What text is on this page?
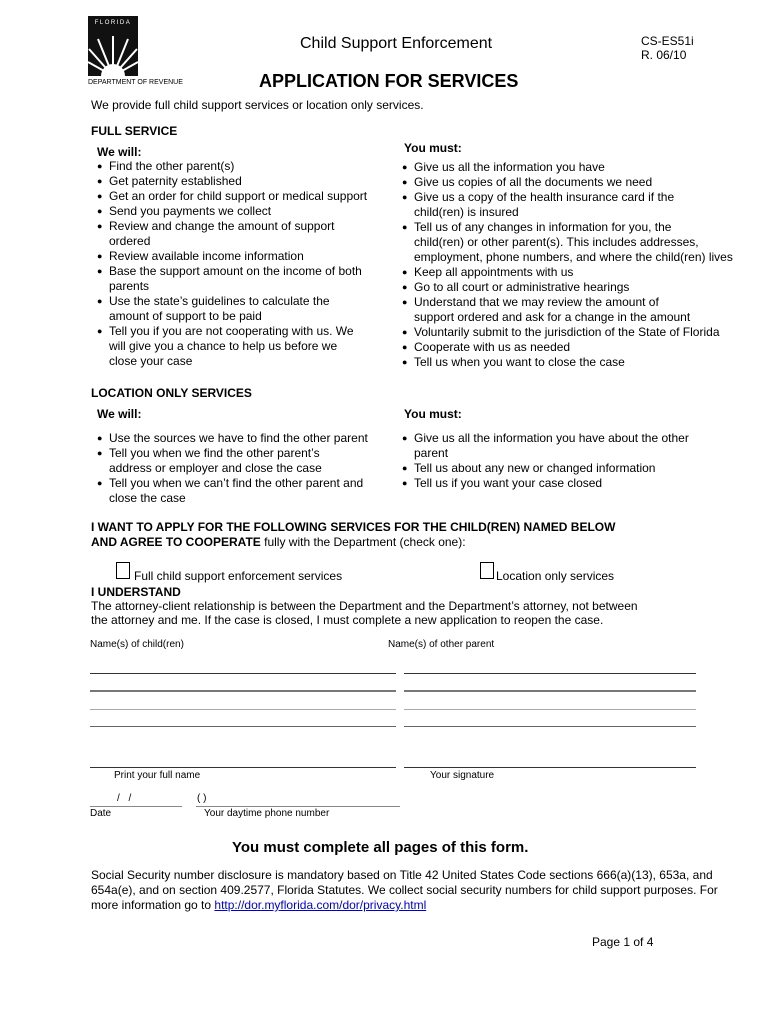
FLORIDA
DEPARTMENT OF REVENUE
Child Support Enforcement	CS-ES51i
R. 06/10
APPLICATION FOR SERVICES
We provide full child support services or location only services.
FULL SERVICE
We will:
● Find the other parent(s)
● Get paternity established
● Get an order for child support or medical support
● Send you payments we collect
● Review and change the amount of support
ordered
● Review available income information
● Base the support amount on the income of both
parents
● Use the state’s guidelines to calculate the
amount of support to be paid
● Tell you if you are not cooperating with us. We
will give you a chance to help us before we
close your case
You must:
● Give us all the information you have
● Give us copies of all the documents we need
● Give us a copy of the health insurance card if the
child(ren) is insured
● Tell us of any changes in information for you, the
child(ren) or other parent(s). This includes addresses,
employment, phone numbers, and where the child(ren) lives
● Keep all appointments with us
● Go to all court or administrative hearings
● Understand that we may review the amount of
support ordered and ask for a change in the amount
● Voluntarily submit to the jurisdiction of the State of Florida
● Cooperate with us as needed
● Tell us when you want to close the case
LOCATION ONLY SERVICES
We will:
● Use the sources we have to find the other parent
● Tell you when we find the other parent’s
address or employer and close the case
● Tell you when we can’t find the other parent and
close the case
You must:
● Give us all the information you have about the other
parent
● Tell us about any new or changed information
● Tell us if you want your case closed
I WANT TO APPLY FOR THE FOLLOWING SERVICES FOR THE CHILD(REN) NAMED BELOW
AND AGREE TO COOPERATE fully with the Department (check one):
Full child support enforcement services	Location only services
I UNDERSTAND
The attorney-client relationship is between the Department and the Department’s attorney, not between
the attorney and me. If the case is closed, I must complete a new application to reopen the case.
Name(s) of child(ren)	Name(s) of other parent
Print your full name	Your signature
/ /	( )
Date	Your daytime phone number
You must complete all pages of this form.
Social Security number disclosure is mandatory based on Title 42 United States Code sections 666(a)(13), 653a, and
654a(e), and on section 409.2577, Florida Statutes. We collect social security numbers for child support purposes. For
more information go to http://dor.myflorida.com/dor/privacy.html
Page 1 of 4
